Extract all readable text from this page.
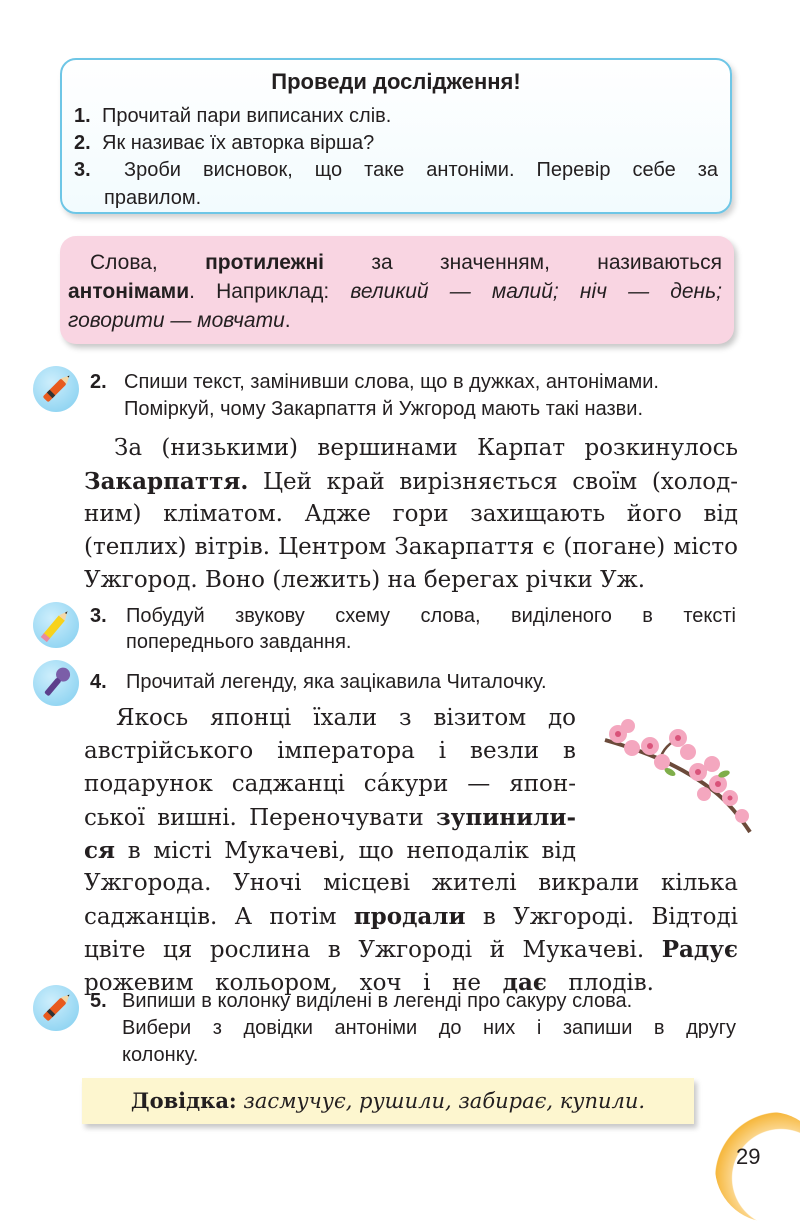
Проведи дослідження!
1. Прочитай пари виписаних слів.
2. Як називає їх авторка вірша?
3. Зроби висновок, що таке антоніми. Перевір себе за
правилом.
Слова, протилежні за значенням, називаються
антонімами. Наприклад: великий — малий; ніч — день;
говорити — мовчати.
2. Спиши текст, замінивши слова, що в дужках, антонімами.
Поміркуй, чому Закарпаття й Ужгород мають такі назви.
За (низькими) вершинами Карпат розкинулось
Закарпаття. Цей край вирізняється своїм (холод-
ним) кліматом. Адже гори захищають його від
(теплих) вітрів. Центром Закарпаття є (погане) місто
Ужгород. Воно (лежить) на берегах річки Уж.
3. Побудуй звукову схему слова, виділеного в тексті
попереднього завдання.
4. Прочитай легенду, яка зацікавила Читалочку.
Якось японці їхали з візитом до
австрійського імператора і везли в
подарунок саджанці са́кури — япон-
ської вишні. Переночувати зупинили-
ся в місті Мукачеві, що неподалік від
Ужгорода. Уночі місцеві жителі викрали кілька
саджанців. А потім продали в Ужгороді. Відтоді
цвіте ця рослина в Ужгороді й Мукачеві. Радує
рожевим кольором, хоч і не дає плодів.
5. Випиши в колонку виділені в легенді про сакуру слова.
Вибери з довідки антоніми до них і запиши в другу
колонку.
Довідка: засмучує, рушили, забирає, купили.
29
